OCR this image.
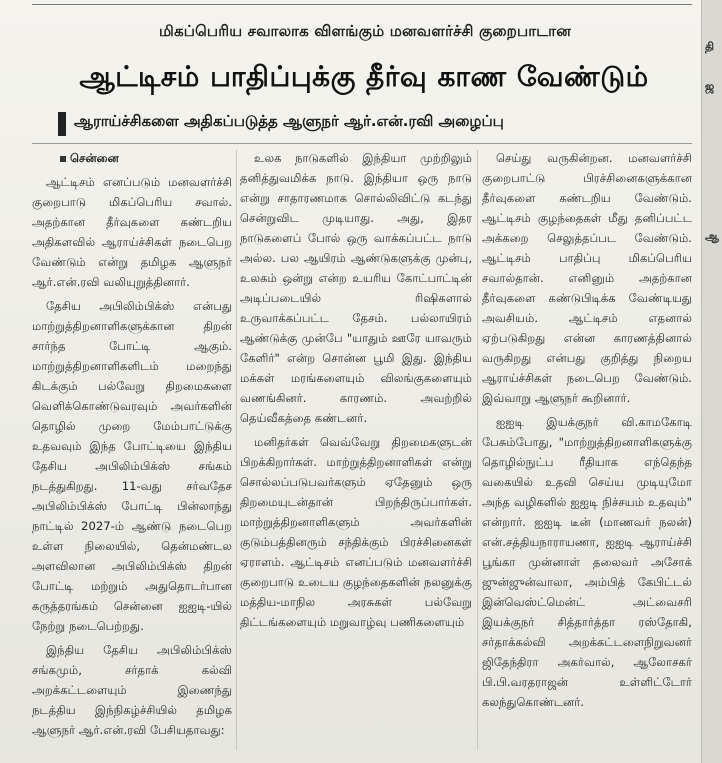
மிகப்பெரிய சவாலாக விளங்கும் மனவளர்ச்சி குறைபாடான
ஆட்டிசம் பாதிப்புக்கு தீர்வு காண வேண்டும்
ஆராய்ச்சிகளை அதிகப்படுத்த ஆளுநர் ஆர்.என்.ரவி அழைப்பு

சென்னை

ஆட்டிசம் எனப்படும் மனவளர்ச்சி குறைபாடு மிகப்பெரிய சவால். அதற்கான தீர்வுகளை கண்டறிய அதிகளவில் ஆராய்ச்சிகள் நடைபெற வேண்டும் என்று தமிழக ஆளுநர் ஆர்.என்.ரவி வலியுறுத்தினார்.

தேசிய அபிலிம்பிக்ஸ் என்பது மாற்றுத்திறனாளிகளுக்கான திறன் சார்ந்த போட்டி ஆகும். மாற்றுத்திறனாளிகளிடம் மறைந்து கிடக்கும் பல்வேறு திறமைகளை வெளிக்கொண்டுவரவும் அவர்களின் தொழில் முறை மேம்பாட்டுக்கு உதவவும் இந்த போட்டியை இந்திய தேசிய அபிலிம்பிக்ஸ் சங்கம் நடத்துகிறது. 11-வது சர்வதேச அபிலிம்பிக்ஸ் போட்டி பின்லாந்து நாட்டில் 2027-ம் ஆண்டு நடைபெற உள்ள நிலையில், தென்மண்டல அளவிலான அபிலிம்பிக்ஸ் திறன் போட்டி மற்றும் அதுதொடர்பான கருத்தரங்கம் சென்னை ஐஐடி-யில் நேற்று நடைபெற்றது.

இந்திய தேசிய அபிலிம்பிக்ஸ் சங்கமும், சர்தாக் கல்வி அறக்கட்டளையும் இணைந்து நடத்திய இந்நிகழ்ச்சியில் தமிழக ஆளுநர் ஆர்.என்.ரவி பேசியதாவது:

உலக நாடுகளில் இந்தியா முற்றிலும் தனித்துவமிக்க நாடு. இந்தியா ஒரு நாடு என்று சாதாரணமாக சொல்லிவிட்டு கடந்து சென்றுவிட முடியாது. அது, இதர நாடுகளைப் போல் ஒரு வாக்கப்பட்ட நாடு அல்ல. பல ஆயிரம் ஆண்டுகளுக்கு முன்பு, உலகம் ஒன்று என்ற உயரிய கோட்பாட்டின் அடிப்படையில் ரிஷிகளால் உருவாக்கப்பட்ட தேசம். பல்லாயிரம் ஆண்டுக்கு முன்பே "யாதும் ஊரே யாவரும் கேளிர்" என்ற சொன்ன பூமி இது. இந்திய மக்கள் மரங்களையும் விலங்குகளையும் வணங்கினர். காரணம். அவற்றில் தெய்வீகத்தை கண்டனர்.

மனிதர்கள் வெவ்வேறு திறமைகளுடன் பிறக்கிறார்கள். மாற்றுத்திறனாளிகள் என்று சொல்லப்படுபவர்களும் ஏதேனும் ஒரு திறமையுடன்தான் பிறந்திருப்பார்கள். மாற்றுத்திறனாளிகளும் அவர்களின் குடும்பத்தினரும் சந்திக்கும் பிரச்சினைகள் ஏராளம். ஆட்டிசம் எனப்படும் மனவளர்ச்சி குறைபாடு உடைய குழந்தைகளின் நலனுக்கு மத்திய-மாநில அரசுகள் பல்வேறு திட்டங்களையும் மறுவாழ்வு பணிகளையும்

செய்து வருகின்றன. மனவளர்ச்சி குறைபாட்டு பிரச்சினைகளுக்கான தீர்வுகளை கண்டறிய வேண்டும். ஆட்டிசம் குழந்தைகள் மீது தனிப்பட்ட அக்கறை செலுத்தப்பட வேண்டும். ஆட்டிசம் பாதிப்பு மிகப்பெரிய சவால்தான். எனினும் அதற்கான தீர்வுகளை கண்டுபிடிக்க வேண்டியது அவசியம். ஆட்டிசம் எதனால் ஏற்படுகிறது என்ன காரணத்தினால் வருகிறது என்பது குறித்து நிறைய ஆராய்ச்சிகள் நடைபெற வேண்டும். இவ்வாறு ஆளுநர் கூறினார்.

ஐஐடி இயக்குநர் வி.காமகோடி பேசும்போது, "மாற்றுத்திறனாளிகளுக்கு தொழில்நுட்ப ரீதியாக எந்தெந்த வகையில் உதவி செய்ய முடியுமோ அந்த வழிகளில் ஐஐடி நிச்சயம் உதவும்" என்றார். ஐஐடி டீன் (மாணவர் நலன்) என்.சத்தியநாராயணா, ஐஐடி ஆராய்ச்சி பூங்கா முன்னாள் தலைவர் அசோக் ஜுன்ஜுன்வாலா, அம்பித் கேபிட்டல் இன்வெஸ்ட்மென்ட் அட்வைசரி இயக்குநர் சித்தார்த்தா ரஸ்தோகி, சர்தாக்கல்வி அறக்கட்டளைநிறுவனர் ஜிதேந்திரா அகர்வால், ஆலோசகர் பி.பி.வரதராஜன் உள்ளிட்டோர் கலந்துகொண்டனர்.

தி
ஜ
ஆ
